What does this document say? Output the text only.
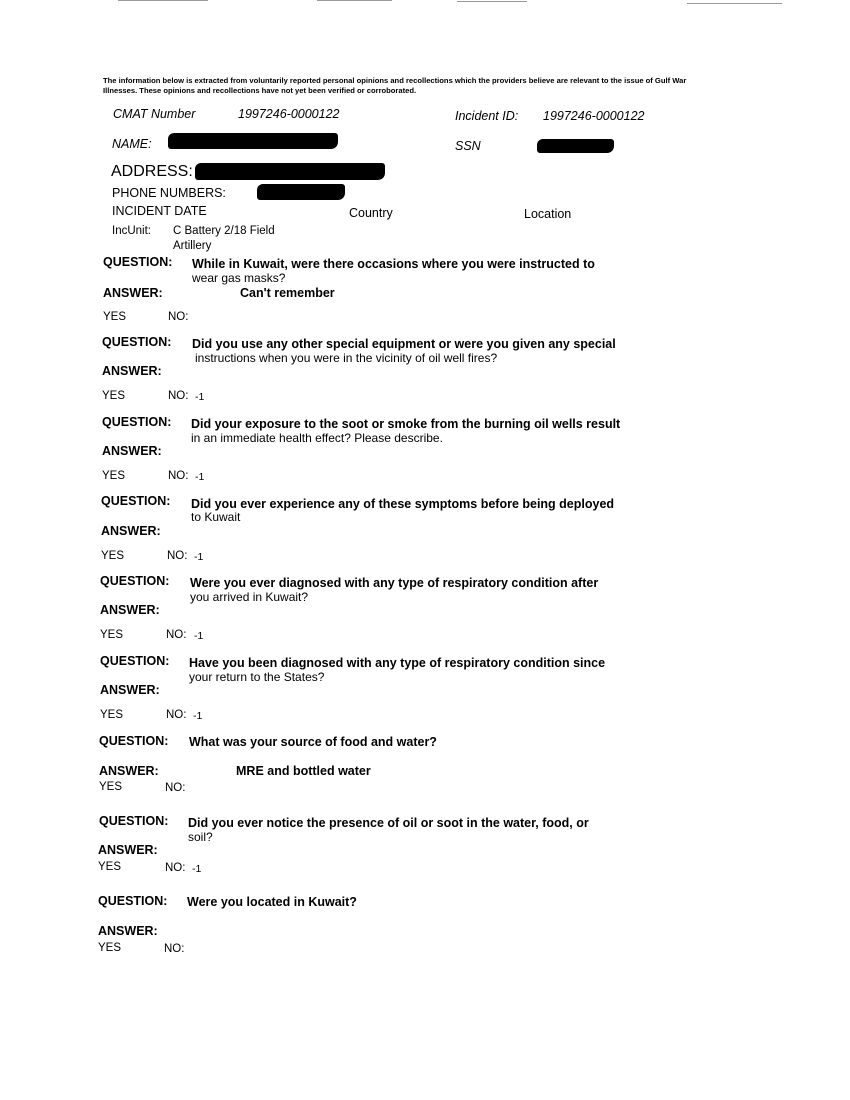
The information below is extracted from voluntarily reported personal opinions and recollections which the providers believe are relevant to the issue of Gulf War Illnesses. These opinions and recollections have not yet been verified or corroborated.
CMAT Number	1997246-0000122	Incident ID: 1997246-0000122
NAME:	SSN
ADDRESS:
PHONE NUMBERS:
INCIDENT DATE	Country	Location
IncUnit: C Battery 2/18 Field
Artillery
QUESTION: While in Kuwait, were there occasions where you were instructed to
wear gas masks?
ANSWER:	Can't remember
YES	NO:
QUESTION: Did you use any other special equipment or were you given any special
instructions when you were in the vicinity of oil well fires?
ANSWER:
YES	NO: -1
QUESTION: Did your exposure to the soot or smoke from the burning oil wells result
in an immediate health effect? Please describe.
ANSWER:
YES	NO: -1
QUESTION: Did you ever experience any of these symptoms before being deployed
to Kuwait
ANSWER:
YES	NO: -1
QUESTION: Were you ever diagnosed with any type of respiratory condition after
you arrived in Kuwait?
ANSWER:
YES	NO: -1
QUESTION: Have you been diagnosed with any type of respiratory condition since
your return to the States?
ANSWER:
YES	NO: -1
QUESTION: What was your source of food and water?
ANSWER:	MRE and bottled water
YES	NO:
QUESTION: Did you ever notice the presence of oil or soot in the water, food, or
soil?
ANSWER:
YES	NO: -1
QUESTION: Were you located in Kuwait?
ANSWER:
YES	NO:
